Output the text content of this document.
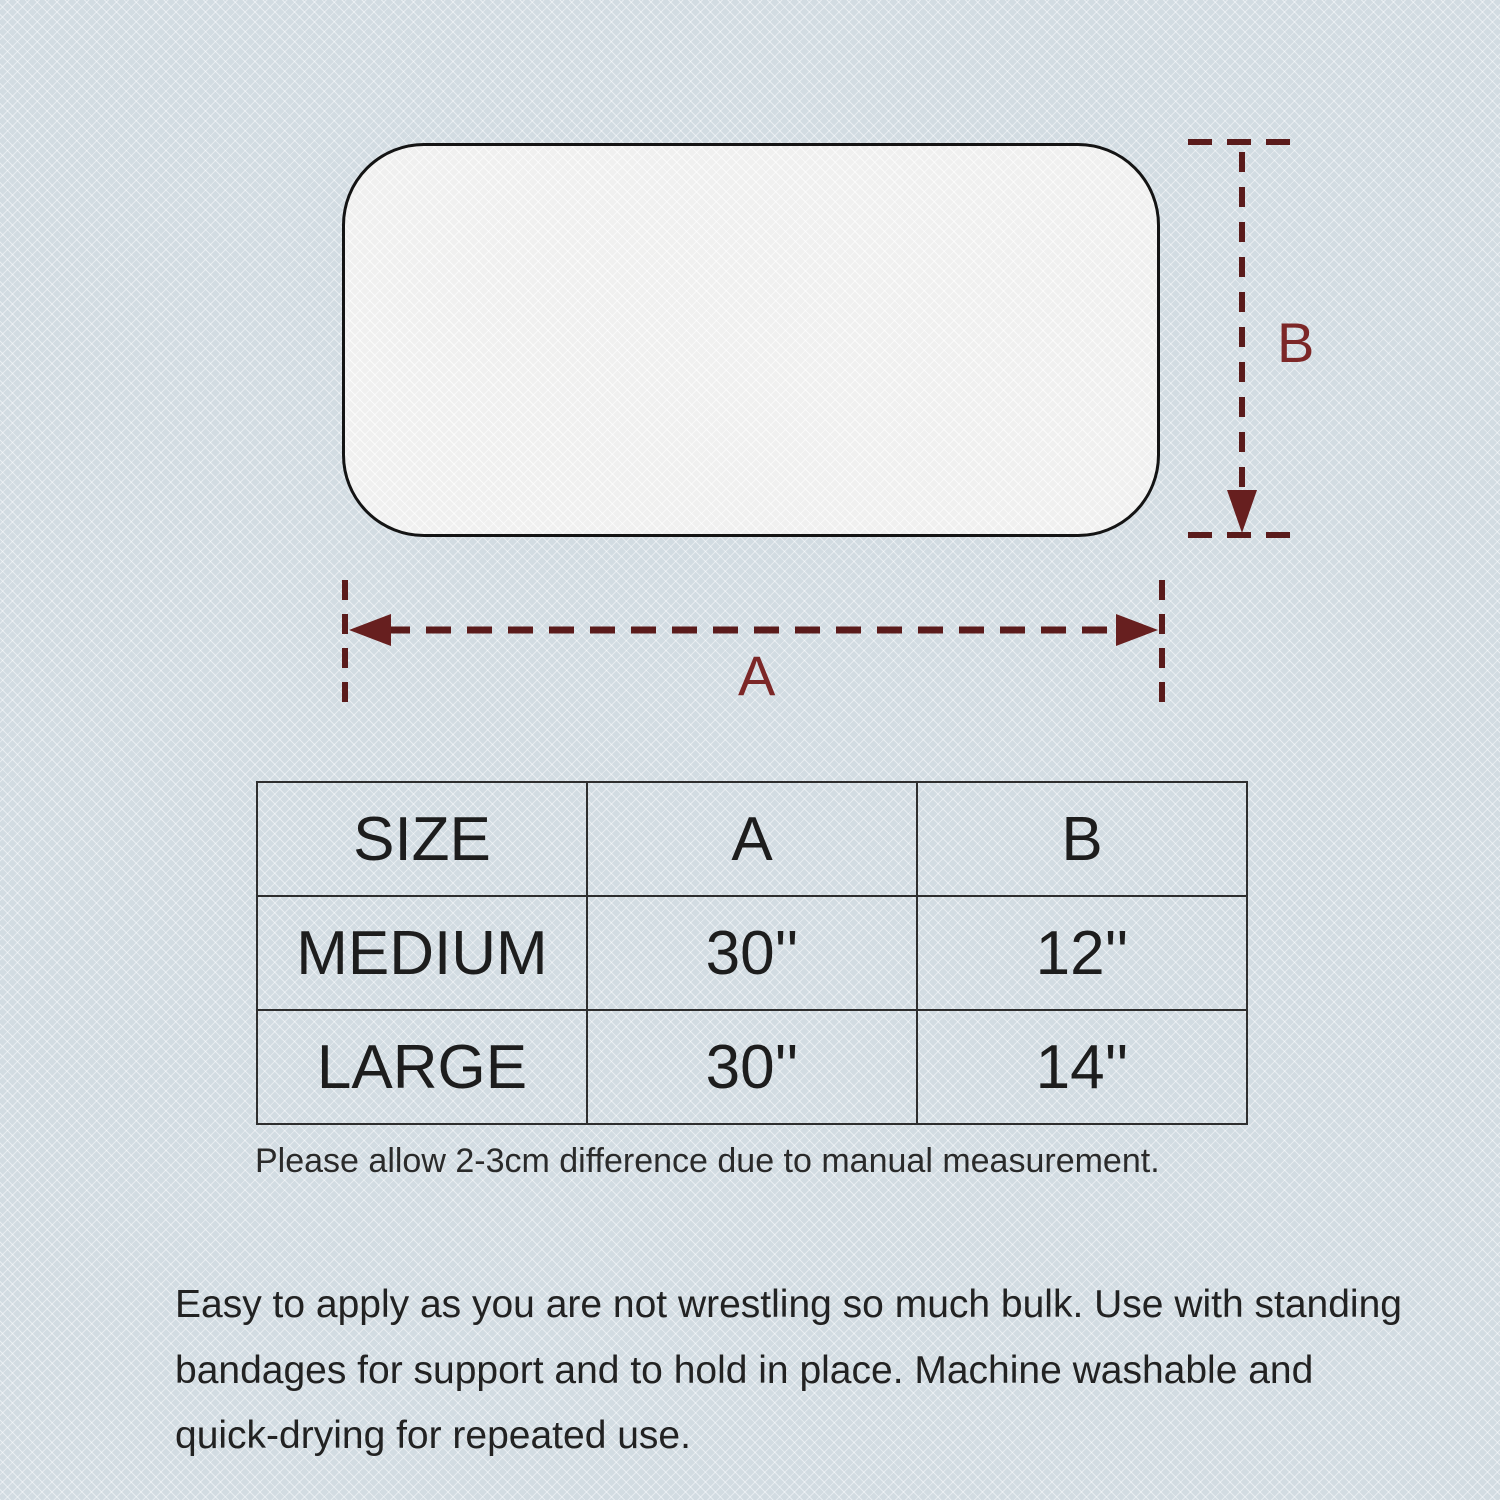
A
B
SIZE	A	B
MEDIUM	30''	12''
LARGE	30''	14''
Please allow 2-3cm difference due to manual measurement.
Easy to apply as you are not wrestling so much bulk. Use with standing bandages for support and to hold in place. Machine washable and quick-drying for repeated use.
